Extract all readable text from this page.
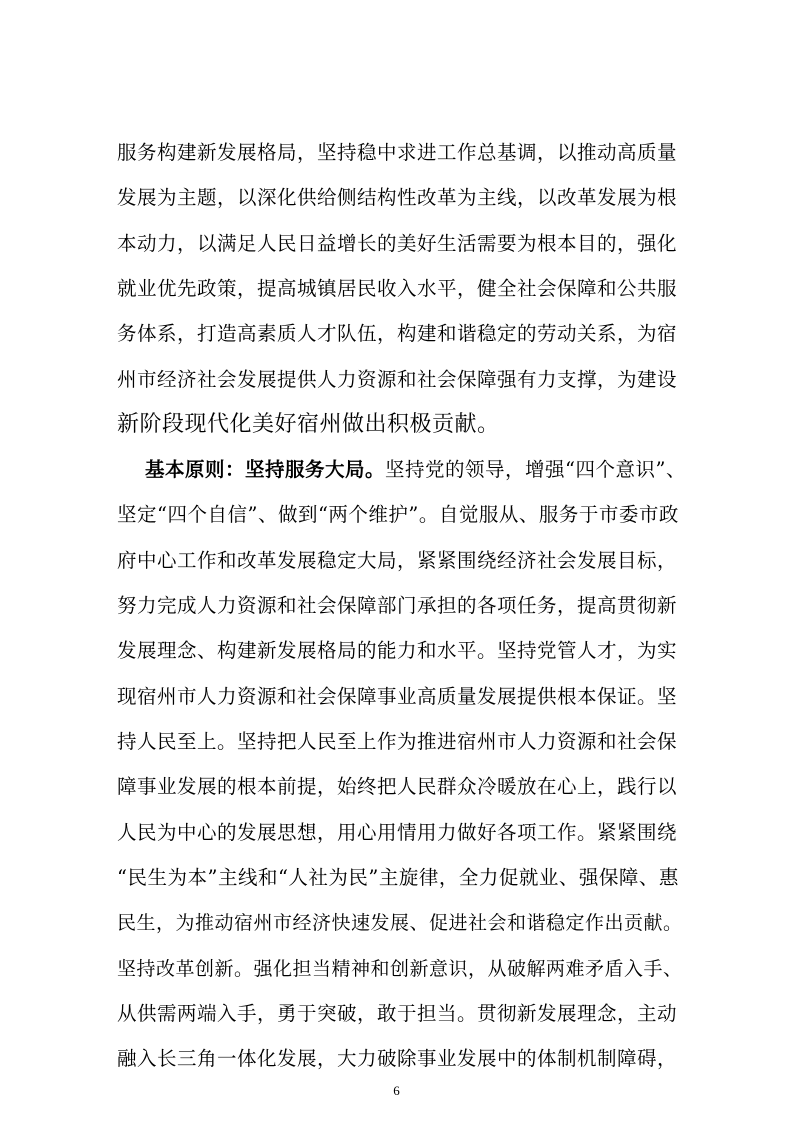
服务构建新发展格局，坚持稳中求进工作总基调，以推动高质量
发展为主题，以深化供给侧结构性改革为主线，以改革发展为根
本动力，以满足人民日益增长的美好生活需要为根本目的，强化
就业优先政策，提高城镇居民收入水平，健全社会保障和公共服
务体系，打造高素质人才队伍，构建和谐稳定的劳动关系，为宿
州市经济社会发展提供人力资源和社会保障强有力支撑，为建设
新阶段现代化美好宿州做出积极贡献。
基本原则：坚持服务大局。坚持党的领导，增强“四个意识”、
坚定“四个自信”、做到“两个维护”。自觉服从、服务于市委市政
府中心工作和改革发展稳定大局，紧紧围绕经济社会发展目标，
努力完成人力资源和社会保障部门承担的各项任务，提高贯彻新
发展理念、构建新发展格局的能力和水平。坚持党管人才，为实
现宿州市人力资源和社会保障事业高质量发展提供根本保证。坚
持人民至上。坚持把人民至上作为推进宿州市人力资源和社会保
障事业发展的根本前提，始终把人民群众冷暖放在心上，践行以
人民为中心的发展思想，用心用情用力做好各项工作。紧紧围绕
“民生为本”主线和“人社为民”主旋律，全力促就业、强保障、惠
民生，为推动宿州市经济快速发展、促进社会和谐稳定作出贡献。
坚持改革创新。强化担当精神和创新意识，从破解两难矛盾入手、
从供需两端入手，勇于突破，敢于担当。贯彻新发展理念，主动
融入长三角一体化发展，大力破除事业发展中的体制机制障碍，
6
